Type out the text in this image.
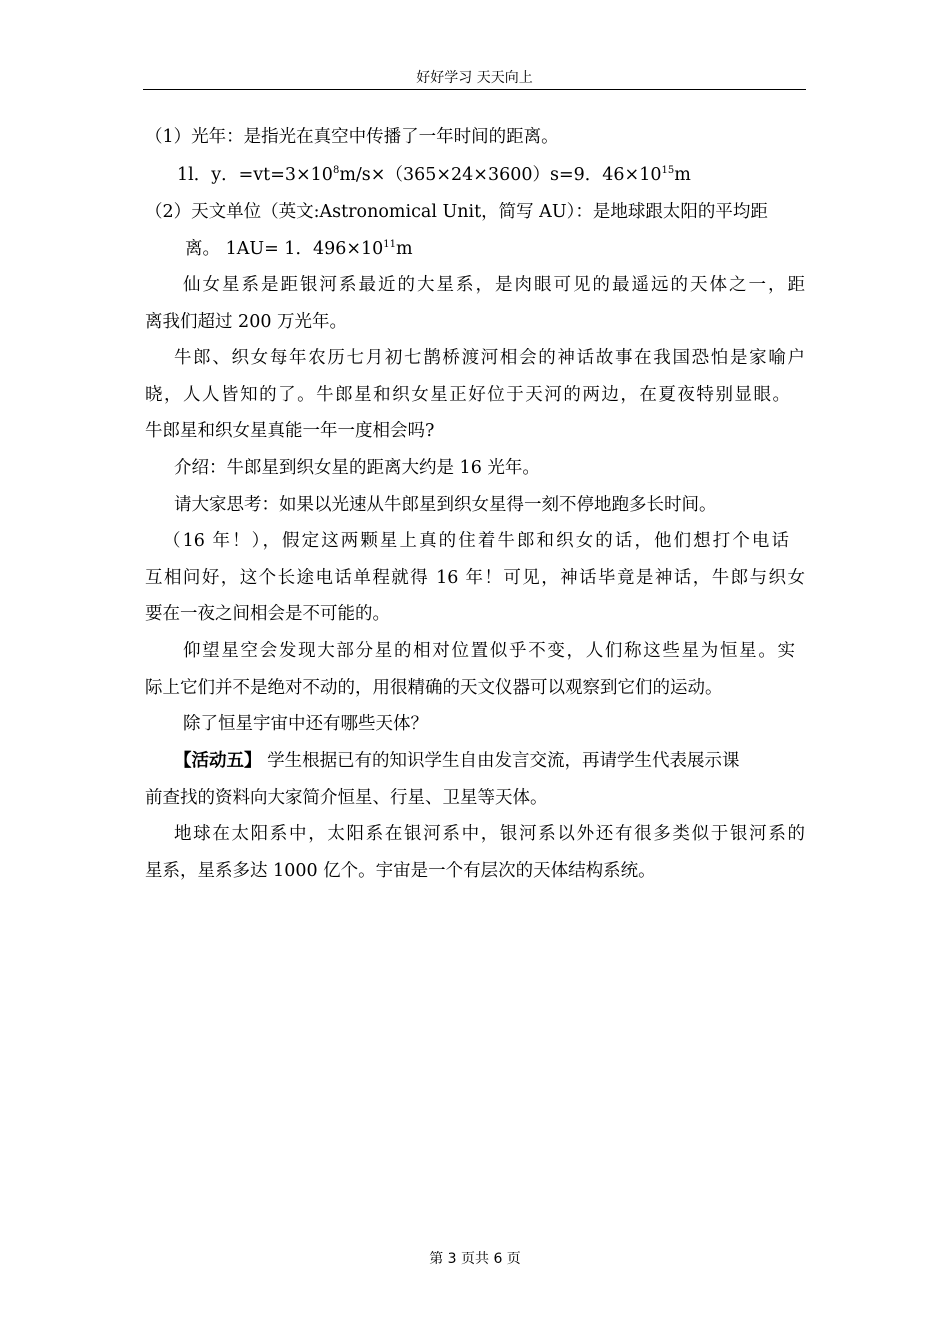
好好学习 天天向上
（1）光年：是指光在真空中传播了一年时间的距离。
1l．y．$=vt=3\times 10^8m/s\times(365\times 24\times 3600)s=9$．$46\times 10^{15}m$
（2）天文单位（英文:Astronomical Unit，简写 AU）：是地球跟太阳的平均距
离。 1AU= 1．$496\times 10^{11}m$
仙女星系是距银河系最近的大星系，是肉眼可见的最遥远的天体之一，距
离我们超过 200 万光年。
牛郎、织女每年农历七月初七鹊桥渡河相会的神话故事在我国恐怕是家喻户
晓，人人皆知的了。牛郎星和织女星正好位于天河的两边，在夏夜特别显眼。
牛郎星和织女星真能一年一度相会吗?
介绍：牛郎星到织女星的距离大约是 16 光年。
请大家思考：如果以光速从牛郎星到织女星得一刻不停地跑多长时间。
（16 年！），假定这两颗星上真的住着牛郎和织女的话，他们想打个电话
互相问好，这个长途电话单程就得 16 年！可见，神话毕竟是神话，牛郎与织女
要在一夜之间相会是不可能的。
仰望星空会发现大部分星的相对位置似乎不变，人们称这些星为恒星。实
际上它们并不是绝对不动的，用很精确的天文仪器可以观察到它们的运动。
除了恒星宇宙中还有哪些天体？
【活动五】 学生根据已有的知识学生自由发言交流，再请学生代表展示课
前查找的资料向大家简介恒星、行星、卫星等天体。
地球在太阳系中，太阳系在银河系中，银河系以外还有很多类似于银河系的
星系，星系多达 1000 亿个。宇宙是一个有层次的天体结构系统。
第 3 页共 6 页
